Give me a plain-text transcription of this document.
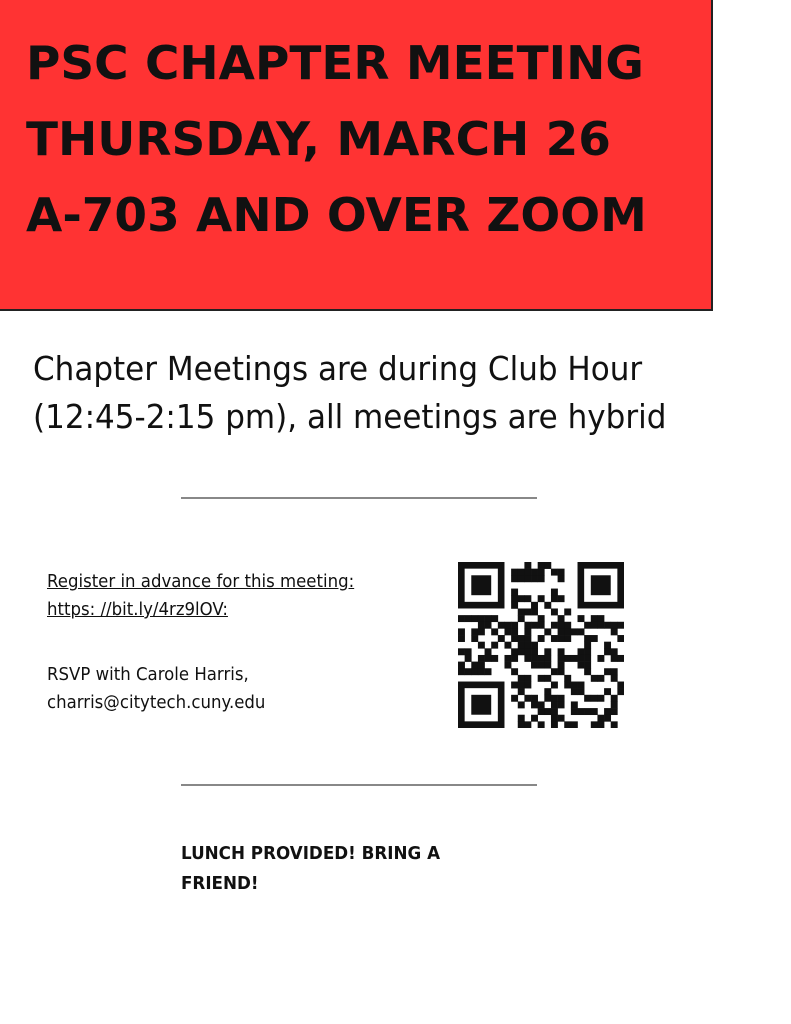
PSC CHAPTER MEETING
THURSDAY, MARCH 26
A-703 AND OVER ZOOM

Chapter Meetings are during Club Hour
(12:45-2:15 pm), all meetings are hybrid

Register in advance for this meeting:
https: //bit.ly/4rz9lOV:

RSVP with Carole Harris,
charris@citytech.cuny.edu

LUNCH PROVIDED! BRING A
FRIEND!
